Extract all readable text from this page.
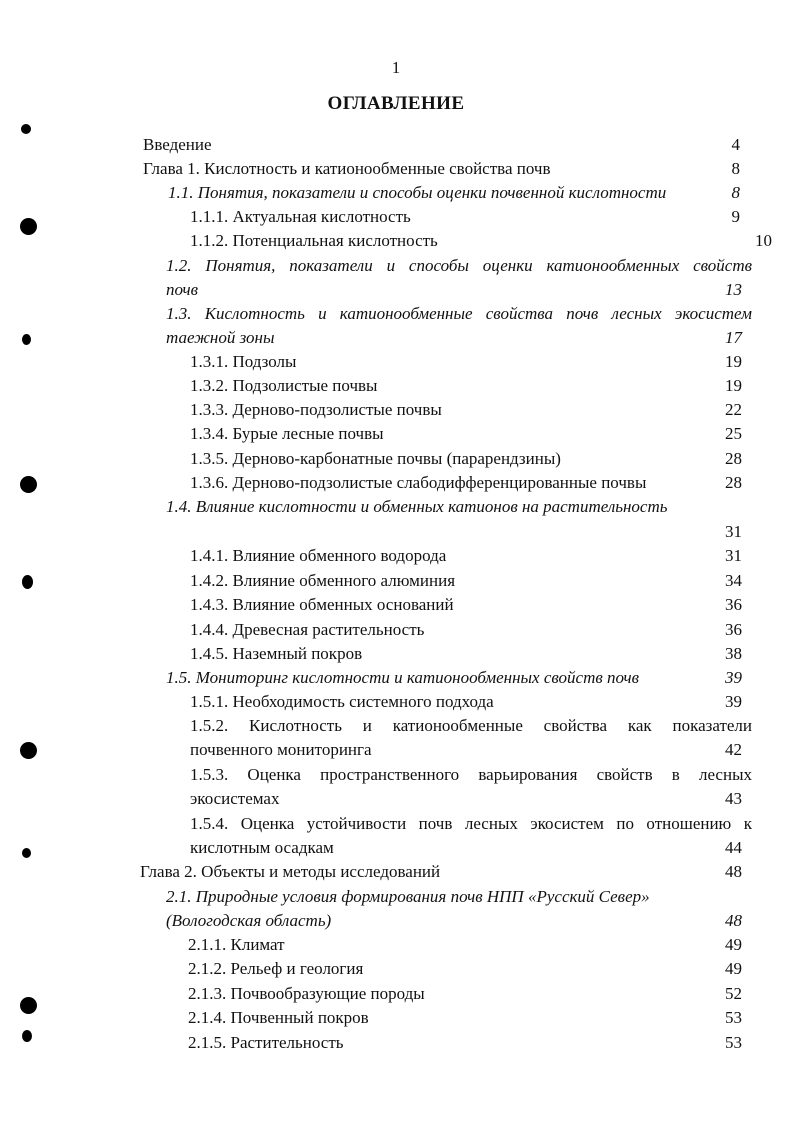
1
ОГЛАВЛЕНИЕ
Введение	4
Глава 1. Кислотность и катионообменные свойства почв	8
1.1. Понятия, показатели и способы оценки почвенной кислотности	8
1.1.1. Актуальная кислотность	9
1.1.2. Потенциальная кислотность	10
1.2. Понятия, показатели и способы оценки катионообменных свойств
почв	13
1.3. Кислотность и катионообменные свойства почв лесных экосистем
таежной зоны	17
1.3.1. Подзолы	19
1.3.2. Подзолистые почвы	19
1.3.3. Дерново-подзолистые почвы	22
1.3.4. Бурые лесные почвы	25
1.3.5. Дерново-карбонатные почвы (парарендзины)	28
1.3.6. Дерново-подзолистые слабодифференцированные почвы	28
1.4. Влияние кислотности и обменных катионов на растительность
31
1.4.1. Влияние обменного водорода	31
1.4.2. Влияние обменного алюминия	34
1.4.3. Влияние обменных оснований	36
1.4.4. Древесная растительность	36
1.4.5. Наземный покров	38
1.5. Мониторинг кислотности и катионообменных свойств почв	39
1.5.1. Необходимость системного подхода	39
1.5.2. Кислотность и катионообменные свойства как показатели
почвенного мониторинга	42
1.5.3. Оценка пространственного варьирования свойств в лесных
экосистемах	43
1.5.4. Оценка устойчивости почв лесных экосистем по отношению к
кислотным осадкам	44
Глава 2. Объекты и методы исследований	48
2.1. Природные условия формирования почв НПП «Русский Север»
(Вологодская область)	48
2.1.1. Климат	49
2.1.2. Рельеф и геология	49
2.1.3. Почвообразующие породы	52
2.1.4. Почвенный покров	53
2.1.5. Растительность	53
